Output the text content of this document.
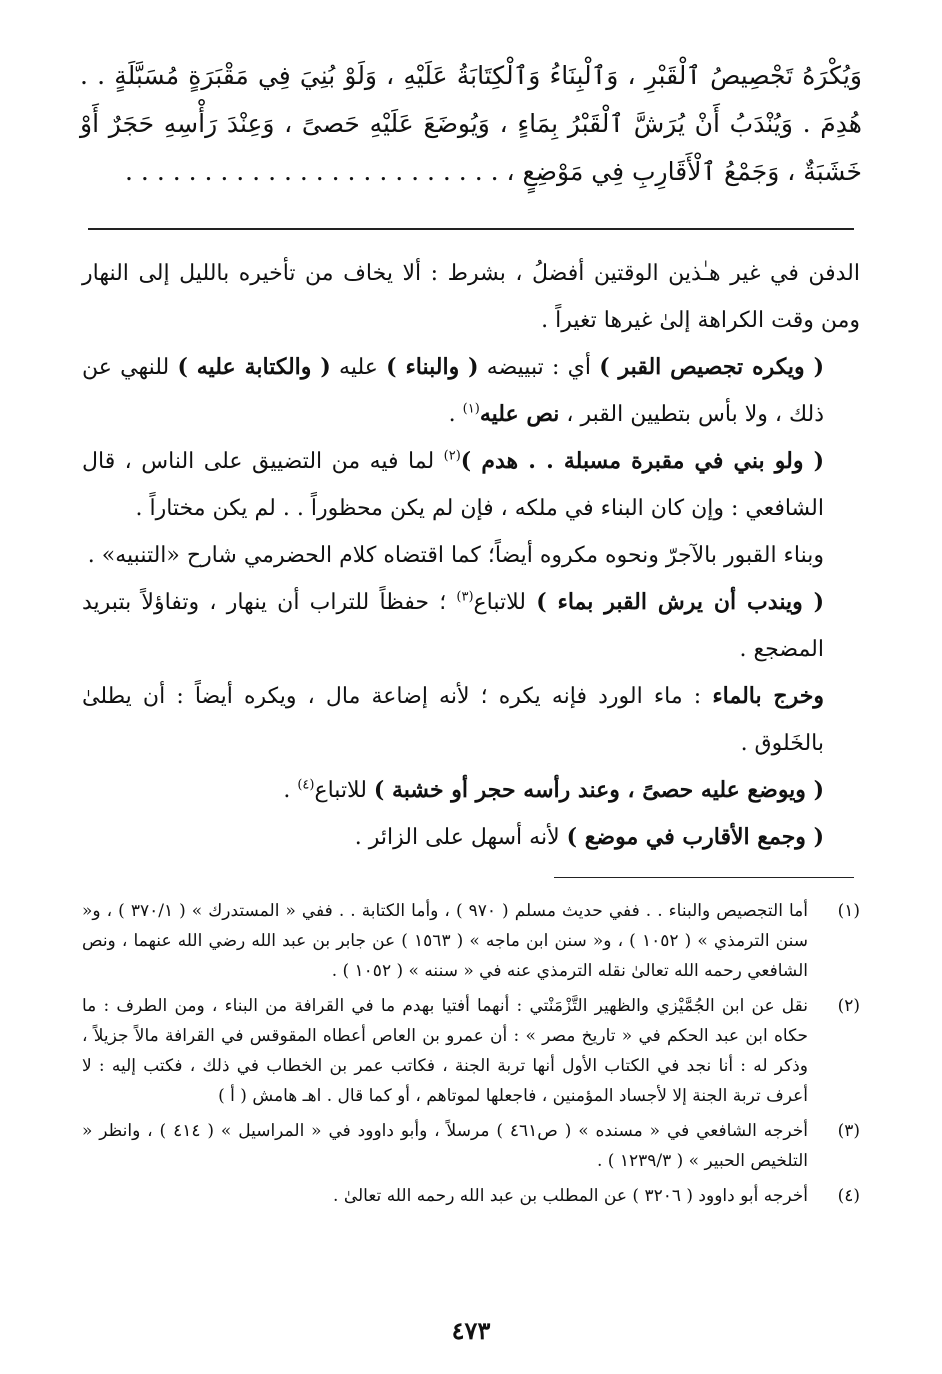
وَيُكْرَهُ تَجْصِيصُ ٱلْقَبْرِ ، وَٱلْبِنَاءُ وَٱلْكِتَابَةُ عَلَيْهِ ، وَلَوْ بُنِيَ فِي مَقْبَرَةٍ مُسَبَّلَةٍ . . هُدِمَ . وَيُنْدَبُ أَنْ يُرَشَّ ٱلْقَبْرُ بِمَاءٍ ، وَيُوضَعَ عَلَيْهِ حَصىً ، وَعِنْدَ رَأْسِهِ حَجَرٌ أَوْ خَشَبَةٌ ، وَجَمْعُ ٱلْأَقَارِبِ فِي مَوْضِعٍ ، . . . . . . . . . . . . . . . . . . . . . . . .

الدفن في غير هـٰذين الوقتين أفضلُ ، بشرط : ألا يخاف من تأخيره بالليل إلى النهار ومن وقت الكراهة إلىٰ غيرها تغيراً .

( ويكره تجصيص القبر ) أي : تبييضه ( والبناء ) عليه ( والكتابة عليه ) للنهي عن ذلك ، ولا بأس بتطيين القبر ، نص عليه$^{(١)}$ .

( ولو بني في مقبرة مسبلة . . هدم )$^{(٢)}$ لما فيه من التضييق على الناس ، قال الشافعي : وإن كان البناء في ملكه ، فإن لم يكن محظوراً . . لم يكن مختاراً .

وبناء القبور بالآجرّ ونحوه مكروه أيضاً؛ كما اقتضاه كلام الحضرمي شارح «التنبيه» .

( ويندب أن يرش القبر بماء ) للاتباع$^{(٣)}$ ؛ حفظاً للتراب أن ينهار ، وتفاؤلاً بتبريد المضجع .

وخرج بالماء : ماء الورد فإنه يكره ؛ لأنه إضاعة مال ، ويكره أيضاً : أن يطلىٰ بالخَلوق .

( ويوضع عليه حصىً ، وعند رأسه حجر أو خشبة ) للاتباع$^{(٤)}$ .

( وجمع الأقارب في موضع ) لأنه أسهل على الزائر .

(١)
أما التجصيص والبناء . . ففي حديث مسلم ( ٩٧٠ ) ، وأما الكتابة . . ففي « المستدرك » ( ٣٧٠/١ ) ، و« سنن الترمذي » ( ١٠٥٢ ) ، و« سنن ابن ماجه » ( ١٥٦٣ ) عن جابر بن عبد الله رضي الله عنهما ، ونص الشافعي رحمه الله تعالىٰ نقله الترمذي عنه في « سننه » ( ١٠٥٢ ) .
(٢)
نقل عن ابن الجُمَّيْزي والظهير التَّزْمَنْتي : أنهما أفتيا بهدم ما في القرافة من البناء ، ومن الطرف : ما حكاه ابن عبد الحكم في « تاريخ مصر » : أن عمرو بن العاص أعطاه المقوقس في القرافة مالاً جزيلاً ، وذكر له : أنا نجد في الكتاب الأول أنها تربة الجنة ، فكاتب عمر بن الخطاب في ذلك ، فكتب إليه : لا أعرف تربة الجنة إلا لأجساد المؤمنين ، فاجعلها لموتاهم ، أو كما قال . اهـ هامش ( أ )
(٣)
أخرجه الشافعي في « مسنده » ( ص٤٦١ ) مرسلاً ، وأبو داوود في « المراسيل » ( ٤١٤ ) ، وانظر « التلخيص الحبير » ( ١٢٣٩/٣ ) .
(٤)
أخرجه أبو داوود ( ٣٢٠٦ ) عن المطلب بن عبد الله رحمه الله تعالىٰ .
٤٧٣
